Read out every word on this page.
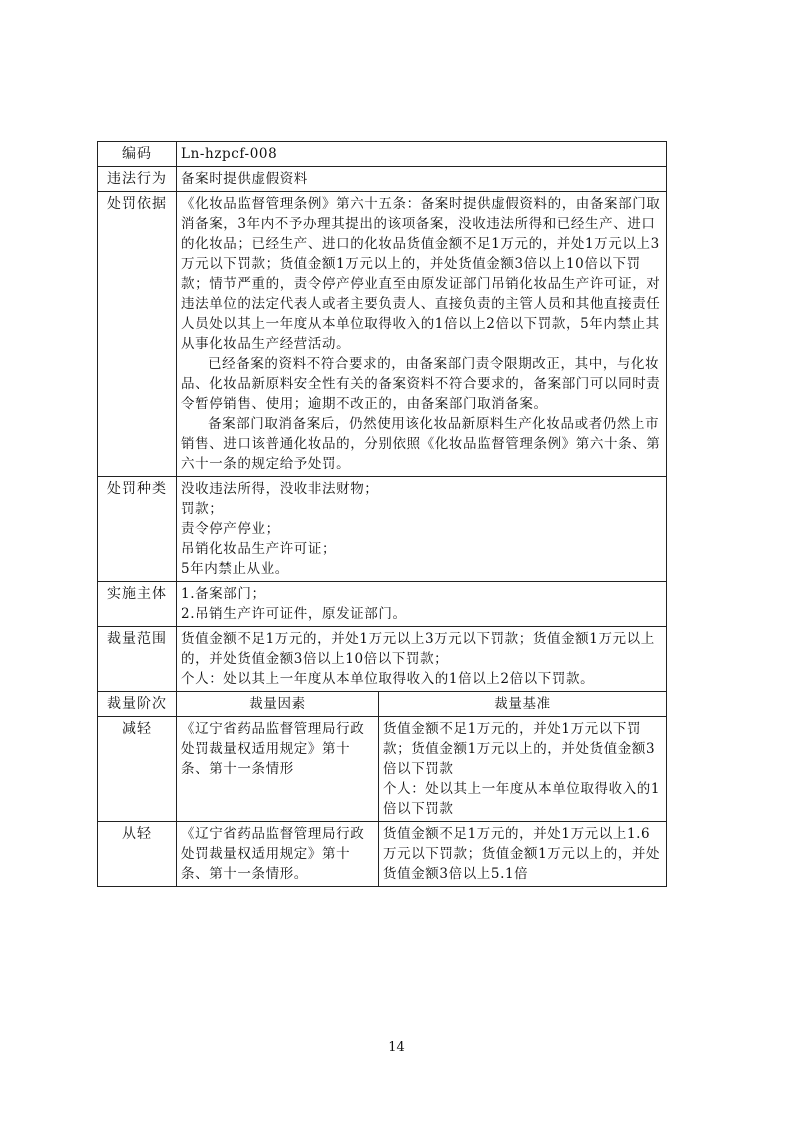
编码	Ln-hzpcf-008	
违法行为	备案时提供虚假资料	
处罚依据	《化妆品监督管理条例》第六十五条：备案时提供虚假资料的，由备案部门取消备案，3年内不予办理其提出的该项备案，没收违法所得和已经生产、进口的化妆品；已经生产、进口的化妆品货值金额不足1万元的，并处1万元以上3万元以下罚款；货值金额1万元以上的，并处货值金额3倍以上10倍以下罚款；情节严重的，责令停产停业直至由原发证部门吊销化妆品生产许可证，对违法单位的法定代表人或者主要负责人、直接负责的主管人员和其他直接责任人员处以其上一年度从本单位取得收入的1倍以上2倍以下罚款，5年内禁止其从事化妆品生产经营活动。
已经备案的资料不符合要求的，由备案部门责令限期改正，其中，与化妆品、化妆品新原料安全性有关的备案资料不符合要求的，备案部门可以同时责令暂停销售、使用；逾期不改正的，由备案部门取消备案。
备案部门取消备案后，仍然使用该化妆品新原料生产化妆品或者仍然上市销售、进口该普通化妆品的，分别依照《化妆品监督管理条例》第六十条、第六十一条的规定给予处罚。	

处罚种类	没收违法所得，没收非法财物；
罚款；
责令停产停业；
吊销化妆品生产许可证；
5年内禁止从业。	

实施主体	1.备案部门；
2.吊销生产许可证件，原发证部门。	

裁量范围	货值金额不足1万元的，并处1万元以上3万元以下罚款；货值金额1万元以上的，并处货值金额3倍以上10倍以下罚款；
个人：处以其上一年度从本单位取得收入的1倍以上2倍以下罚款。	

裁量阶次	裁量因素	裁量基准
减轻	《辽宁省药品监督管理局行政处罚裁量权适用规定》第十条、第十一条情形	货值金额不足1万元的，并处1万元以下罚款；货值金额1万元以上的，并处货值金额3倍以下罚款
个人：处以其上一年度从本单位取得收入的1倍以下罚款

从轻	《辽宁省药品监督管理局行政处罚裁量权适用规定》第十条、第十一条情形。	货值金额不足1万元的，并处1万元以上1.6万元以下罚款；货值金额1万元以上的，并处货值金额3倍以上5.1倍
14
